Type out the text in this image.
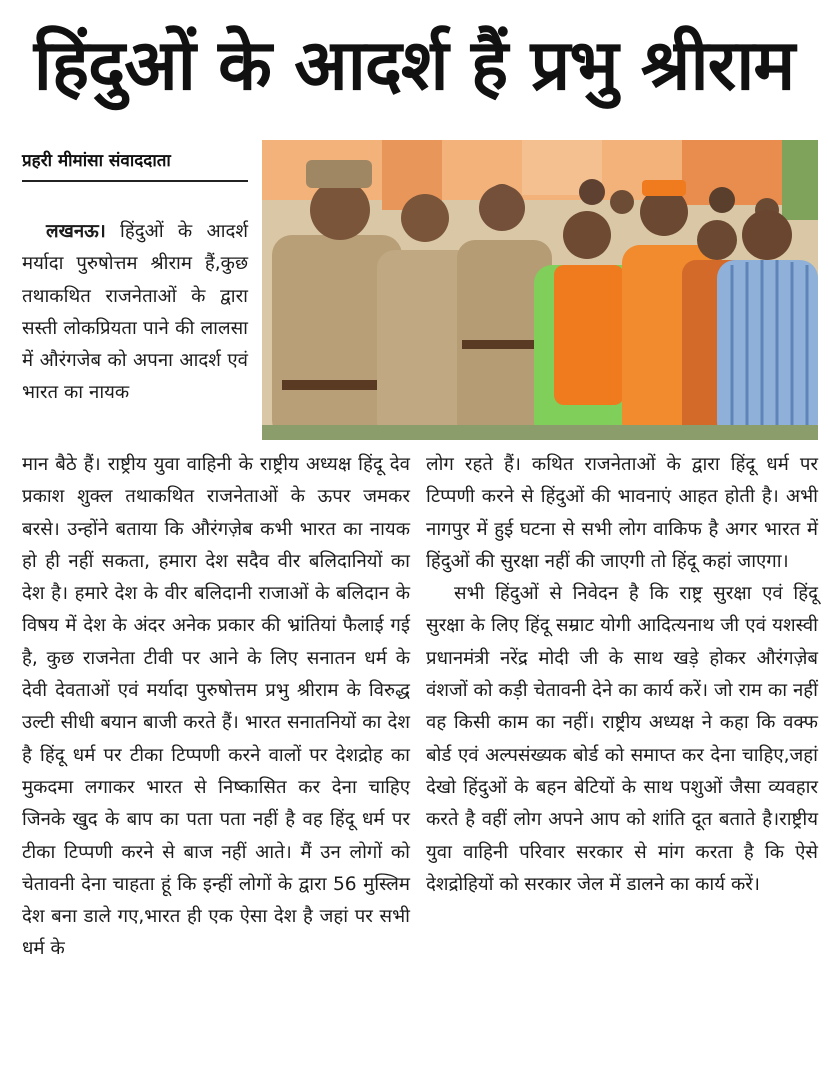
हिंदुओं के आदर्श हैं प्रभु श्रीराम
प्रहरी मीमांसा संवाददाता

लखनऊ। हिंदुओं के आदर्श मर्यादा पुरुषोत्तम श्रीराम हैं,कुछ तथाकथित राजनेताओं के द्वारा सस्ती लोकप्रियता पाने की लालसा में औरंगजेब को अपना आदर्श एवं भारत का नायक

मान बैठे हैं। राष्ट्रीय युवा वाहिनी के राष्ट्रीय अध्यक्ष हिंदू देव प्रकाश शुक्ल तथाकथित राजनेताओं के ऊपर जमकर बरसे। उन्होंने बताया कि औरंगज़ेब कभी भारत का नायक हो ही नहीं सकता, हमारा देश सदैव वीर बलिदानियों का देश है। हमारे देश के वीर बलिदानी राजाओं के बलिदान के विषय में देश के अंदर अनेक प्रकार की भ्रांतियां फैलाई गई है, कुछ राजनेता टीवी पर आने के लिए सनातन धर्म के देवी देवताओं एवं मर्यादा पुरुषोत्तम प्रभु श्रीराम के विरुद्ध उल्टी सीधी बयान बाजी करते हैं। भारत सनातनियों का देश है हिंदू धर्म पर टीका टिप्पणी करने वालों पर देशद्रोह का मुकदमा लगाकर भारत से निष्कासित कर देना चाहिए जिनके खुद के बाप का पता पता नहीं है वह हिंदू धर्म पर टीका टिप्पणी करने से बाज नहीं आते। मैं उन लोगों को चेतावनी देना चाहता हूं कि इन्हीं लोगों के द्वारा 56 मुस्लिम देश बना डाले गए,भारत ही एक ऐसा देश है जहां पर सभी धर्म के

लोग रहते हैं। कथित राजनेताओं के द्वारा हिंदू धर्म पर टिप्पणी करने से हिंदुओं की भावनाएं आहत होती है। अभी नागपुर में हुई घटना से सभी लोग वाकिफ है अगर भारत में हिंदुओं की सुरक्षा नहीं की जाएगी तो हिंदू कहां जाएगा।

सभी हिंदुओं से निवेदन है कि राष्ट्र सुरक्षा एवं हिंदू सुरक्षा के लिए हिंदू सम्राट योगी आदित्यनाथ जी एवं यशस्वी प्रधानमंत्री नरेंद्र मोदी जी के साथ खड़े होकर औरंगज़ेब वंशजों को कड़ी चेतावनी देने का कार्य करें। जो राम का नहीं वह किसी काम का नहीं। राष्ट्रीय अध्यक्ष ने कहा कि वक्फ बोर्ड एवं अल्पसंख्यक बोर्ड को समाप्त कर देना चाहिए,जहां देखो हिंदुओं के बहन बेटियों के साथ पशुओं जैसा व्यवहार करते है वहीं लोग अपने आप को शांति दूत बताते है।राष्ट्रीय युवा वाहिनी परिवार सरकार से मांग करता है कि ऐसे देशद्रोहियों को सरकार जेल में डालने का कार्य करें।
